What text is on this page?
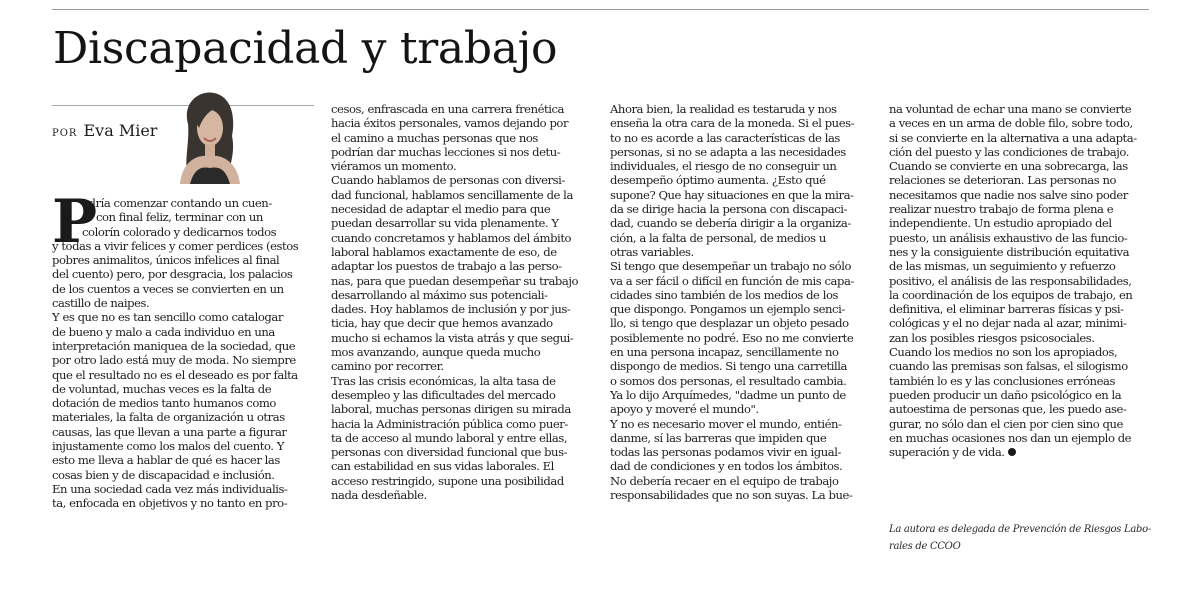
Discapacidad y trabajo
POR Eva Mier
P

odría comenzar contando un cuen-

to con final feliz, terminar con un

colorín colorado y dedicarnos todos

y todas a vivir felices y comer perdices (estos

pobres animalitos, únicos infelices al final

del cuento) pero, por desgracia, los palacios

de los cuentos a veces se convierten en un

castillo de naipes.

Y es que no es tan sencillo como catalogar

de bueno y malo a cada individuo en una

interpretación maniquea de la sociedad, que

por otro lado está muy de moda. No siempre

que el resultado no es el deseado es por falta

de voluntad, muchas veces es la falta de

dotación de medios tanto humanos como

materiales, la falta de organización u otras

causas, las que llevan a una parte a figurar

injustamente como los malos del cuento. Y

esto me lleva a hablar de qué es hacer las

cosas bien y de discapacidad e inclusión.

En una sociedad cada vez más individualis-

ta, enfocada en objetivos y no tanto en pro-

cesos, enfrascada en una carrera frenética

hacia éxitos personales, vamos dejando por

el camino a muchas personas que nos

podrían dar muchas lecciones si nos detu-

viéramos un momento.

Cuando hablamos de personas con diversi-

dad funcional, hablamos sencillamente de la

necesidad de adaptar el medio para que

puedan desarrollar su vida plenamente. Y

cuando concretamos y hablamos del ámbito

laboral hablamos exactamente de eso, de

adaptar los puestos de trabajo a las perso-

nas, para que puedan desempeñar su trabajo

desarrollando al máximo sus potenciali-

dades. Hoy hablamos de inclusión y por jus-

ticia, hay que decir que hemos avanzado

mucho si echamos la vista atrás y que segui-

mos avanzando, aunque queda mucho

camino por recorrer.

Tras las crisis económicas, la alta tasa de

desempleo y las dificultades del mercado

laboral, muchas personas dirigen su mirada

hacia la Administración pública como puer-

ta de acceso al mundo laboral y entre ellas,

personas con diversidad funcional que bus-

can estabilidad en sus vidas laborales. El

acceso restringido, supone una posibilidad

nada desdeñable.

Ahora bien, la realidad es testaruda y nos

enseña la otra cara de la moneda. Si el pues-

to no es acorde a las características de las

personas, si no se adapta a las necesidades

individuales, el riesgo de no conseguir un

desempeño óptimo aumenta. ¿Esto qué

supone? Que hay situaciones en que la mira-

da se dirige hacia la persona con discapaci-

dad, cuando se debería dirigir a la organiza-

ción, a la falta de personal, de medios u

otras variables.

Si tengo que desempeñar un trabajo no sólo

va a ser fácil o difícil en función de mis capa-

cidades sino también de los medios de los

que dispongo. Pongamos un ejemplo senci-

llo, si tengo que desplazar un objeto pesado

posiblemente no podré. Eso no me convierte

en una persona incapaz, sencillamente no

dispongo de medios. Si tengo una carretilla

o somos dos personas, el resultado cambia.

Ya lo dijo Arquímedes, "dadme un punto de

apoyo y moveré el mundo".

Y no es necesario mover el mundo, entién-

danme, sí las barreras que impiden que

todas las personas podamos vivir en igual-

dad de condiciones y en todos los ámbitos.

No debería recaer en el equipo de trabajo

responsabilidades que no son suyas. La bue-

na voluntad de echar una mano se convierte

a veces en un arma de doble filo, sobre todo,

si se convierte en la alternativa a una adapta-

ción del puesto y las condiciones de trabajo.

Cuando se convierte en una sobrecarga, las

relaciones se deterioran. Las personas no

necesitamos que nadie nos salve sino poder

realizar nuestro trabajo de forma plena e

independiente. Un estudio apropiado del

puesto, un análisis exhaustivo de las funcio-

nes y la consiguiente distribución equitativa

de las mismas, un seguimiento y refuerzo

positivo, el análisis de las responsabilidades,

la coordinación de los equipos de trabajo, en

definitiva, el eliminar barreras físicas y psi-

cológicas y el no dejar nada al azar, minimi-

zan los posibles riesgos psicosociales.

Cuando los medios no son los apropiados,

cuando las premisas son falsas, el silogismo

también lo es y las conclusiones erróneas

pueden producir un daño psicológico en la

autoestima de personas que, les puedo ase-

gurar, no sólo dan el cien por cien sino que

en muchas ocasiones nos dan un ejemplo de

superación y de vida.

La autora es delegada de Prevención de Riesgos Labo-
rales de CCOO
